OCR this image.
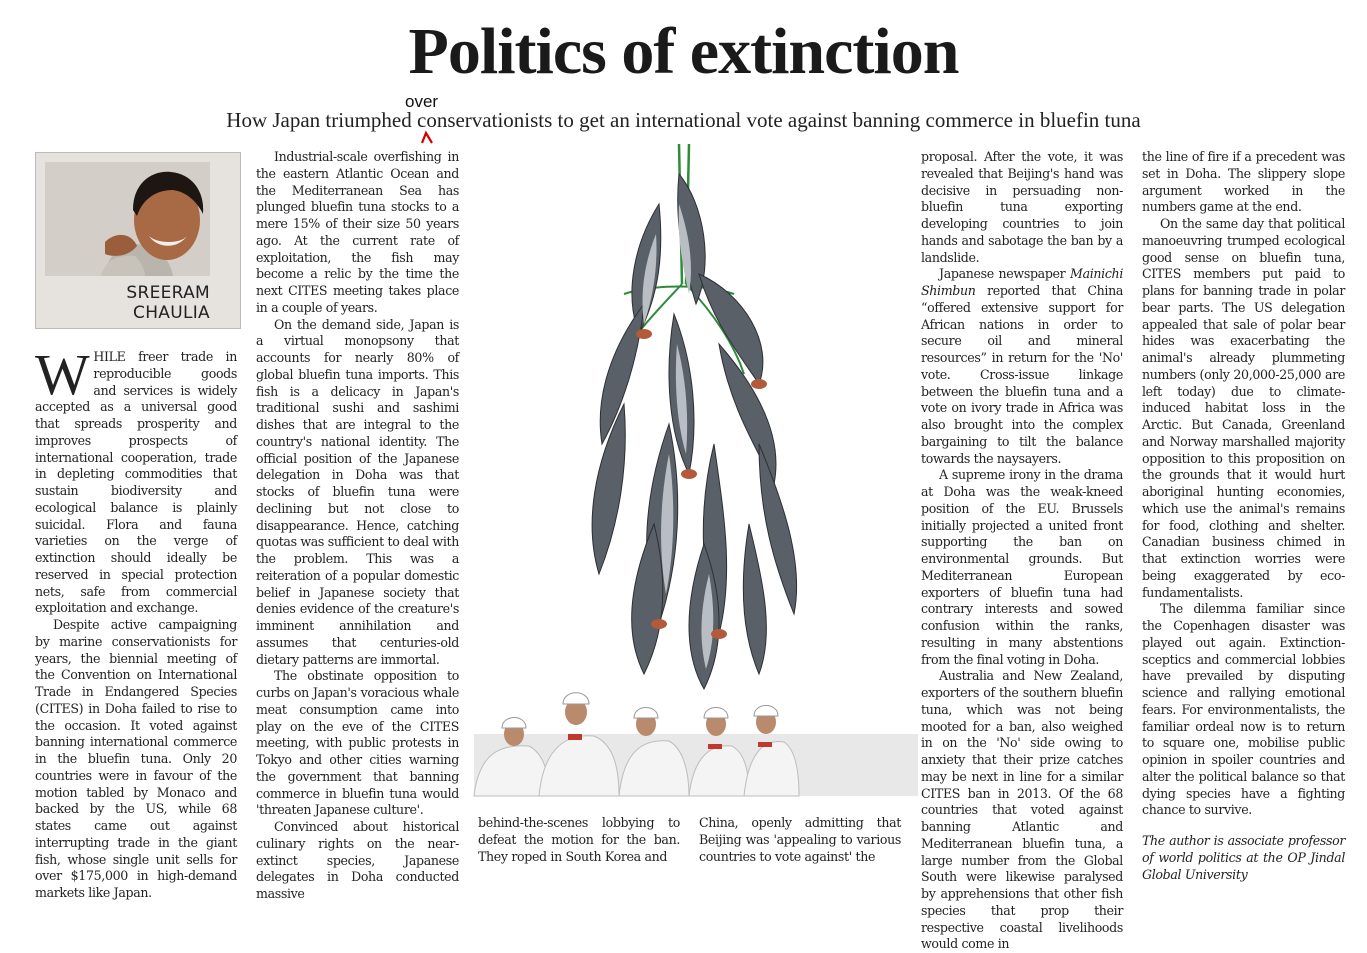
Politics of extinction
over
How Japan triumphed conservationists to get an international vote against banning commerce in bluefin tuna
SREERAM
CHAULIA

WHILE freer trade in reproducible goods and services is widely accepted as a universal good that spreads prosperity and improves prospects of international cooperation, trade in depleting commodities that sustain biodiversity and ecological balance is plainly suicidal. Flora and fauna varieties on the verge of extinction should ideally be reserved in special protection nets, safe from commercial exploitation and exchange.

Despite active campaigning by marine conservationists for years, the biennial meeting of the Convention on International Trade in Endangered Species (CITES) in Doha failed to rise to the occasion. It voted against banning international commerce in the bluefin tuna. Only 20 countries were in favour of the motion tabled by Monaco and backed by the US, while 68 states came out against interrupting trade in the giant fish, whose single unit sells for over $175,000 in high-demand markets like Japan.

Industrial-scale overfishing in the eastern Atlantic Ocean and the Mediterranean Sea has plunged bluefin tuna stocks to a mere 15% of their size 50 years ago. At the current rate of exploitation, the fish may become a relic by the time the next CITES meeting takes place in a couple of years.

On the demand side, Japan is a virtual monopsony that accounts for nearly 80% of global bluefin tuna imports. This fish is a delicacy in Japan's traditional sushi and sashimi dishes that are integral to the country's national identity. The official position of the Japanese delegation in Doha was that stocks of bluefin tuna were declining but not close to disappearance. Hence, catching quotas was sufficient to deal with the problem. This was a reiteration of a popular domestic belief in Japanese society that denies evidence of the creature's imminent annihilation and assumes that centuries-old dietary patterns are immortal.

The obstinate opposition to curbs on Japan's voracious whale meat consumption came into play on the eve of the CITES meeting, with public protests in Tokyo and other cities warning the government that banning commerce in bluefin tuna would 'threaten Japanese culture'.

Convinced about historical culinary rights on the near-extinct species, Japanese delegates in Doha conducted massive

behind-the-scenes lobbying to defeat the motion for the ban. They roped in South Korea and

China, openly admitting that Beijing was 'appealing to various countries to vote against' the

proposal. After the vote, it was revealed that Beijing's hand was decisive in persuading non-bluefin tuna exporting developing countries to join hands and sabotage the ban by a landslide.

Japanese newspaper Mainichi Shimbun reported that China “offered extensive support for African nations in order to secure oil and mineral resources” in return for the 'No' vote. Cross-issue linkage between the bluefin tuna and a vote on ivory trade in Africa was also brought into the complex bargaining to tilt the balance towards the naysayers.

A supreme irony in the drama at Doha was the weak-kneed position of the EU. Brussels initially projected a united front supporting the ban on environmental grounds. But Mediterranean European exporters of bluefin tuna had contrary interests and sowed confusion within the ranks, resulting in many abstentions from the final voting in Doha.

Australia and New Zealand, exporters of the southern bluefin tuna, which was not being mooted for a ban, also weighed in on the 'No' side owing to anxiety that their prize catches may be next in line for a similar CITES ban in 2013. Of the 68 countries that voted against banning Atlantic and Mediterranean bluefin tuna, a large number from the Global South were likewise paralysed by apprehensions that other fish species that prop their respective coastal livelihoods would come in

the line of fire if a precedent was set in Doha. The slippery slope argument worked in the numbers game at the end.

On the same day that political manoeuvring trumped ecological good sense on bluefin tuna, CITES members put paid to plans for banning trade in polar bear parts. The US delegation appealed that sale of polar bear hides was exacerbating the animal's already plummeting numbers (only 20,000-25,000 are left today) due to climate-induced habitat loss in the Arctic. But Canada, Greenland and Norway marshalled majority opposition to this proposition on the grounds that it would hurt aboriginal hunting economies, which use the animal's remains for food, clothing and shelter. Canadian business chimed in that extinction worries were being exaggerated by eco-fundamentalists.

The dilemma familiar since the Copenhagen disaster was played out again. Extinction-sceptics and commercial lobbies have prevailed by disputing science and rallying emotional fears. For environmentalists, the familiar ordeal now is to return to square one, mobilise public opinion in spoiler countries and alter the political balance so that dying species have a fighting chance to survive.

The author is associate professor of world politics at the OP Jindal Global University
